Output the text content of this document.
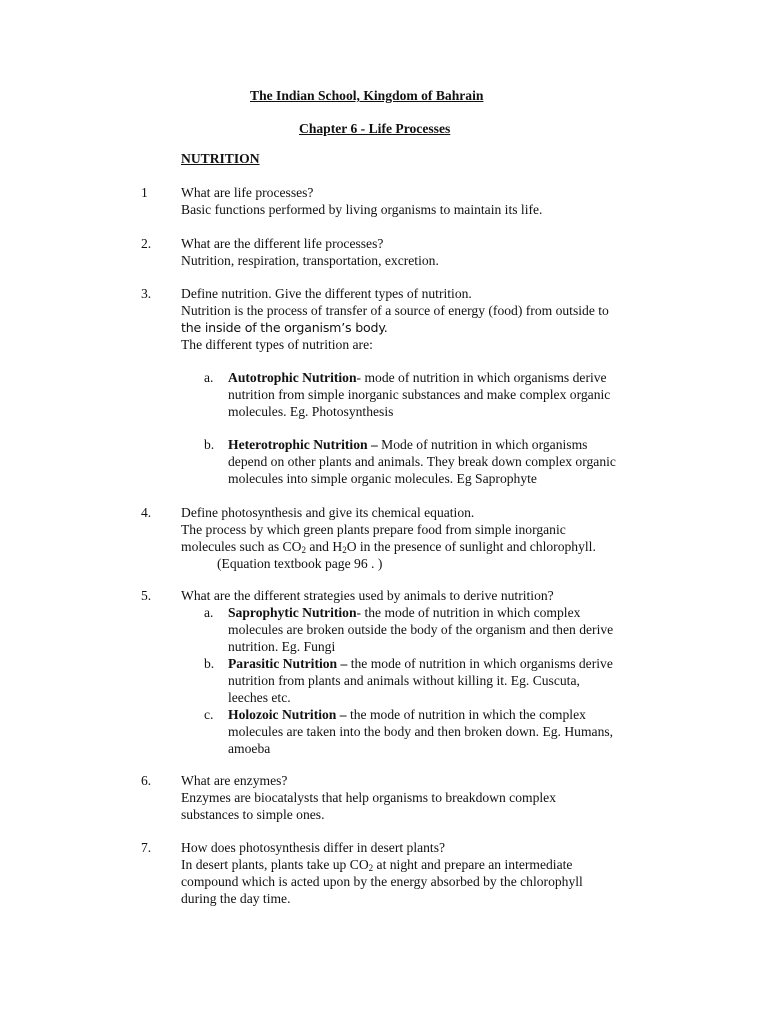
The Indian School, Kingdom of Bahrain
Chapter 6 - Life Processes
NUTRITION
1 What are life processes?
Basic functions performed by living organisms to maintain its life.
2. What are the different life processes?
Nutrition, respiration, transportation, excretion.
3. Define nutrition. Give the different types of nutrition.
Nutrition is the process of transfer of a source of energy (food) from outside to
the inside of the organism’s body.
The different types of nutrition are:
a. Autotrophic Nutrition- mode of nutrition in which organisms derive
nutrition from simple inorganic substances and make complex organic
molecules. Eg. Photosynthesis
b. Heterotrophic Nutrition – Mode of nutrition in which organisms
depend on other plants and animals. They break down complex organic
molecules into simple organic molecules. Eg Saprophyte
4. Define photosynthesis and give its chemical equation.
The process by which green plants prepare food from simple inorganic
molecules such as $CO_2$ and $H_2O$ in the presence of sunlight and chlorophyll.
(Equation textbook page 96 . )
5. What are the different strategies used by animals to derive nutrition?
a. Saprophytic Nutrition- the mode of nutrition in which complex
molecules are broken outside the body of the organism and then derive
nutrition. Eg. Fungi
b. Parasitic Nutrition – the mode of nutrition in which organisms derive
nutrition from plants and animals without killing it. Eg. Cuscuta,
leeches etc.
c. Holozoic Nutrition – the mode of nutrition in which the complex
molecules are taken into the body and then broken down. Eg. Humans,
amoeba
6. What are enzymes?
Enzymes are biocatalysts that help organisms to breakdown complex
substances to simple ones.
7. How does photosynthesis differ in desert plants?
In desert plants, plants take up $CO_2$ at night and prepare an intermediate
compound which is acted upon by the energy absorbed by the chlorophyll
during the day time.
